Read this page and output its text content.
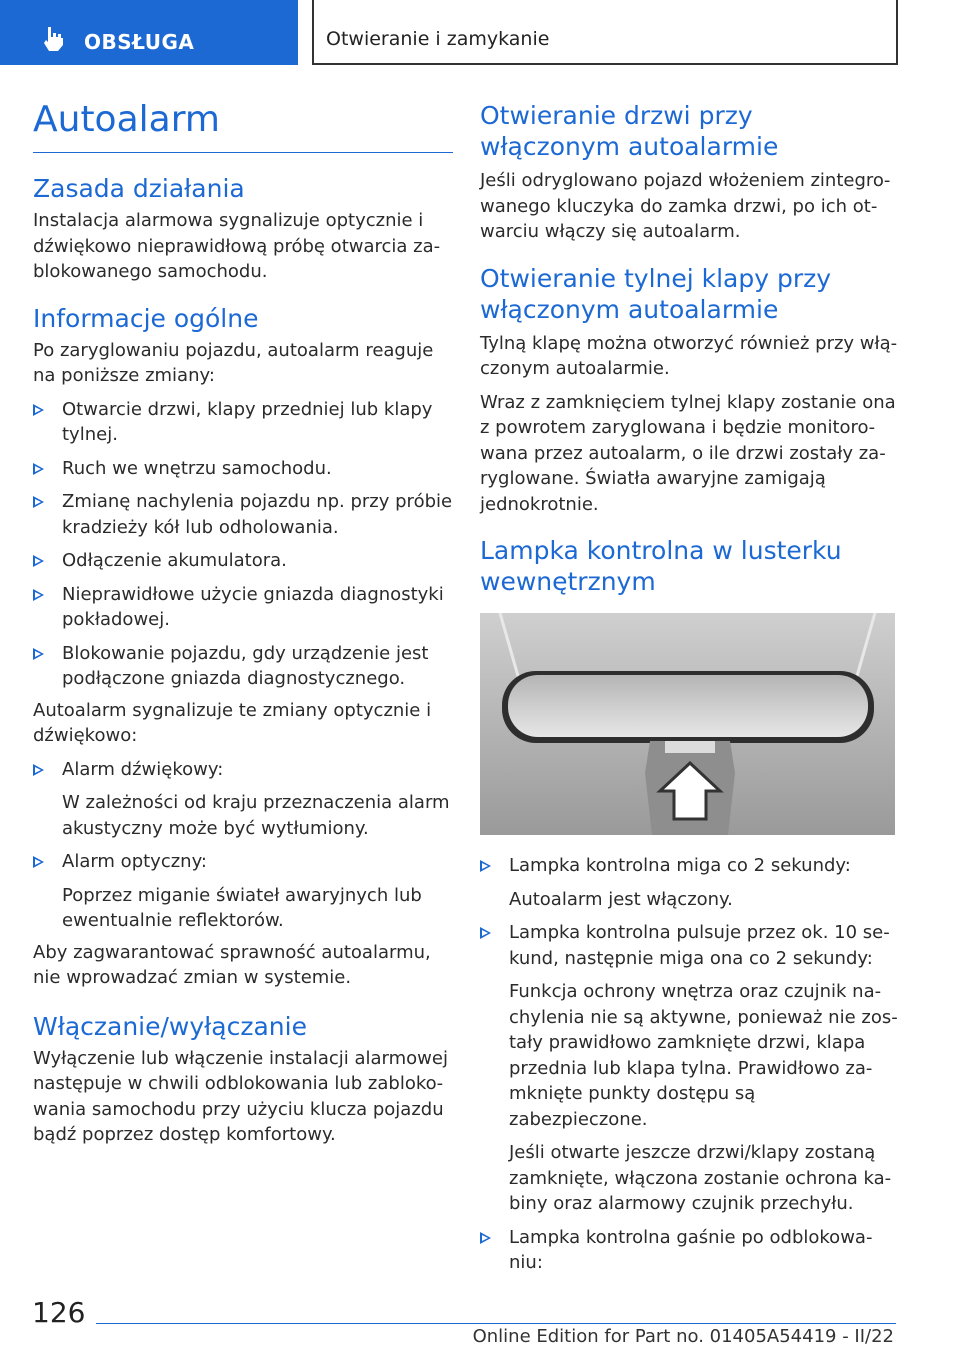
OBSŁUGA	Otwieranie i zamykanie
Autoalarm
Zasada działania

Instalacja alarmowa sygnalizuje optycznie i dźwiękowo nieprawidłową próbę otwarcia zablokowanego samochodu.

Informacje ogólne

Po zaryglowaniu pojazdu, autoalarm reaguje na poniższe zmiany:

Otwarcie drzwi, klapy przedniej lub klapy tylnej.
Ruch we wnętrzu samochodu.
Zmianę nachylenia pojazdu np. przy próbie kradzieży kół lub odholowania.
Odłączenie akumulatora.
Nieprawidłowe użycie gniazda diagnostyki pokładowej.
Blokowanie pojazdu, gdy urządzenie jest podłączone gniazda diagnostycznego.

Autoalarm sygnalizuje te zmiany optycznie i dźwiękowo:

Alarm dźwiękowy:

W zależności od kraju przeznaczenia alarm akustyczny może być wytłumiony.

Alarm optyczny:

Poprzez miganie świateł awaryjnych lub ewentualnie reflektorów.

Aby zagwarantować sprawność autoalarmu, nie wprowadzać zmian w systemie.

Włączanie/wyłączanie

Wyłączenie lub włączenie instalacji alarmowej następuje w chwili odblokowania lub zablokowania samochodu przy użyciu klucza pojazdu bądź poprzez dostęp komfortowy.

Otwieranie drzwi przy włączonym autoalarmie

Jeśli odryglowano pojazd włożeniem zintegrowanego kluczyka do zamka drzwi, po ich otwarciu włączy się autoalarm.

Otwieranie tylnej klapy przy włączonym autoalarmie

Tylną klapę można otworzyć również przy włączonym autoalarmie.

Wraz z zamknięciem tylnej klapy zostanie ona z powrotem zaryglowana i będzie monitorowana przez autoalarm, o ile drzwi zostały zaryglowane. Światła awaryjne zamigają jednokrotnie.

Lampka kontrolna w lusterku wewnętrznym
Lampka kontrolna miga co 2 sekundy:

Autoalarm jest włączony.

Lampka kontrolna pulsuje przez ok. 10 sekund, następnie miga ona co 2 sekundy:

Funkcja ochrony wnętrza oraz czujnik nachylenia nie są aktywne, ponieważ nie zostały prawidłowo zamknięte drzwi, klapa przednia lub klapa tylna. Prawidłowo zamknięte punkty dostępu są zabezpieczone.

Jeśli otwarte jeszcze drzwi/klapy zostaną zamknięte, włączona zostanie ochrona kabiny oraz alarmowy czujnik przechyłu.

Lampka kontrolna gaśnie po odblokowaniu:
126
Online Edition for Part no. 01405A54419 - II/22
